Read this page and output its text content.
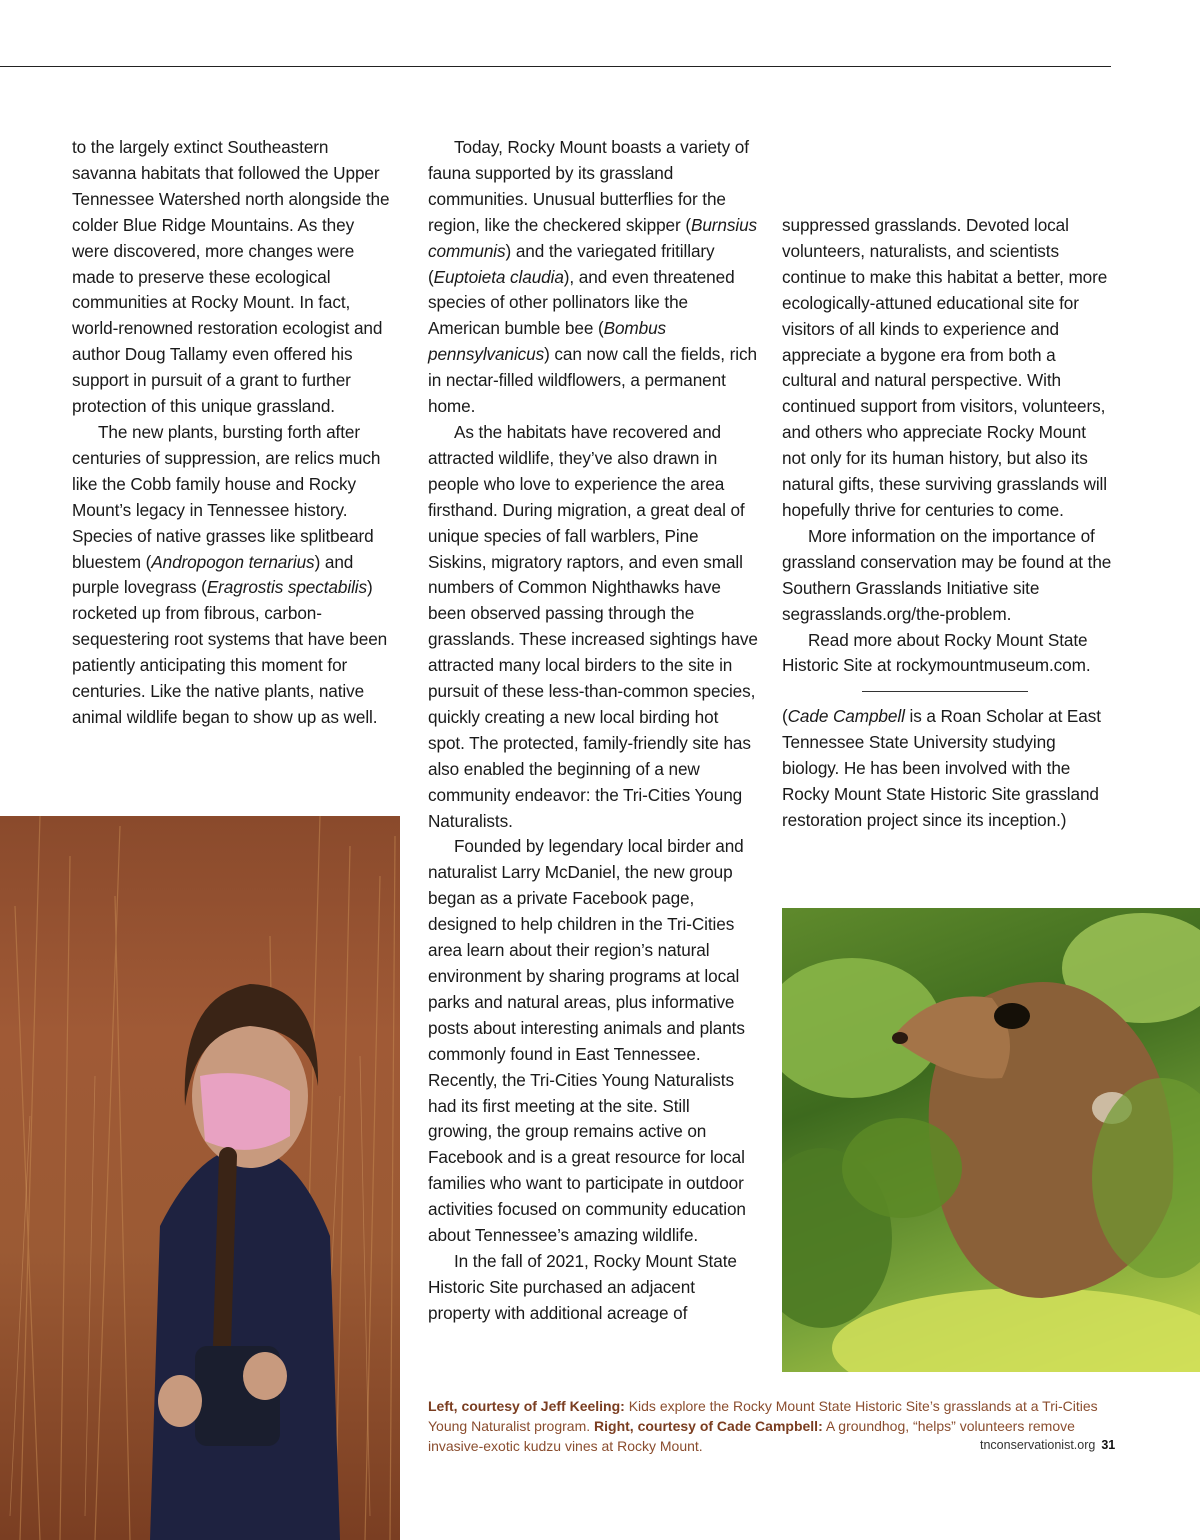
to the largely extinct Southeastern savanna habitats that followed the Upper Tennessee Watershed north alongside the colder Blue Ridge Mountains. As they were discovered, more changes were made to preserve these ecological communities at Rocky Mount. In fact, world-renowned restoration ecologist and author Doug Tallamy even offered his support in pursuit of a grant to further protection of this unique grassland.

The new plants, bursting forth after centuries of suppression, are relics much like the Cobb family house and Rocky Mount’s legacy in Tennessee history. Species of native grasses like splitbeard bluestem (Andropogon ternarius) and purple lovegrass (Eragrostis spectabilis) rocketed up from fibrous, carbon-sequestering root systems that have been patiently anticipating this moment for centuries. Like the native plants, native animal wildlife began to show up as well.

Today, Rocky Mount boasts a variety of fauna supported by its grassland communities. Unusual butterflies for the region, like the checkered skipper (Burnsius communis) and the variegated fritillary (Euptoieta claudia), and even threatened species of other pollinators like the American bumble bee (Bombus pennsylvanicus) can now call the fields, rich in nectar-filled wildflowers, a permanent home.

As the habitats have recovered and attracted wildlife, they’ve also drawn in people who love to experience the area firsthand. During migration, a great deal of unique species of fall warblers, Pine Siskins, migratory raptors, and even small numbers of Common Nighthawks have been observed passing through the grasslands. These increased sightings have attracted many local birders to the site in pursuit of these less-than-common species, quickly creating a new local birding hot spot. The protected, family-friendly site has also enabled the beginning of a new community endeavor: the Tri-Cities Young Naturalists.

Founded by legendary local birder and naturalist Larry McDaniel, the new group began as a private Facebook page, designed to help children in the Tri-Cities area learn about their region’s natural environment by sharing programs at local parks and natural areas, plus informative posts about interesting animals and plants commonly found in East Tennessee. Recently, the Tri-Cities Young Naturalists had its first meeting at the site. Still growing, the group remains active on Facebook and is a great resource for local families who want to participate in outdoor activities focused on community education about Tennessee’s amazing wildlife.

In the fall of 2021, Rocky Mount State Historic Site purchased an adjacent property with additional acreage of

suppressed grasslands. Devoted local volunteers, naturalists, and scientists continue to make this habitat a better, more ecologically-attuned educational site for visitors of all kinds to experience and appreciate a bygone era from both a cultural and natural perspective. With continued support from visitors, volunteers, and others who appreciate Rocky Mount not only for its human history, but also its natural gifts, these surviving grasslands will hopefully thrive for centuries to come.

More information on the importance of grassland conservation may be found at the Southern Grasslands Initiative site segrasslands.org/the-problem.

Read more about Rocky Mount State Historic Site at rockymountmuseum.com.

(Cade Campbell is a Roan Scholar at East Tennessee State University studying biology. He has been involved with the Rocky Mount State Historic Site grassland restoration project since its inception.)

Left, courtesy of Jeff Keeling: Kids explore the Rocky Mount State Historic Site’s grasslands at a Tri-Cities Young Naturalist program. Right, courtesy of Cade Campbell: A groundhog, “helps” volunteers remove invasive-exotic kudzu vines at Rocky Mount.	tnconservationist.org 31
